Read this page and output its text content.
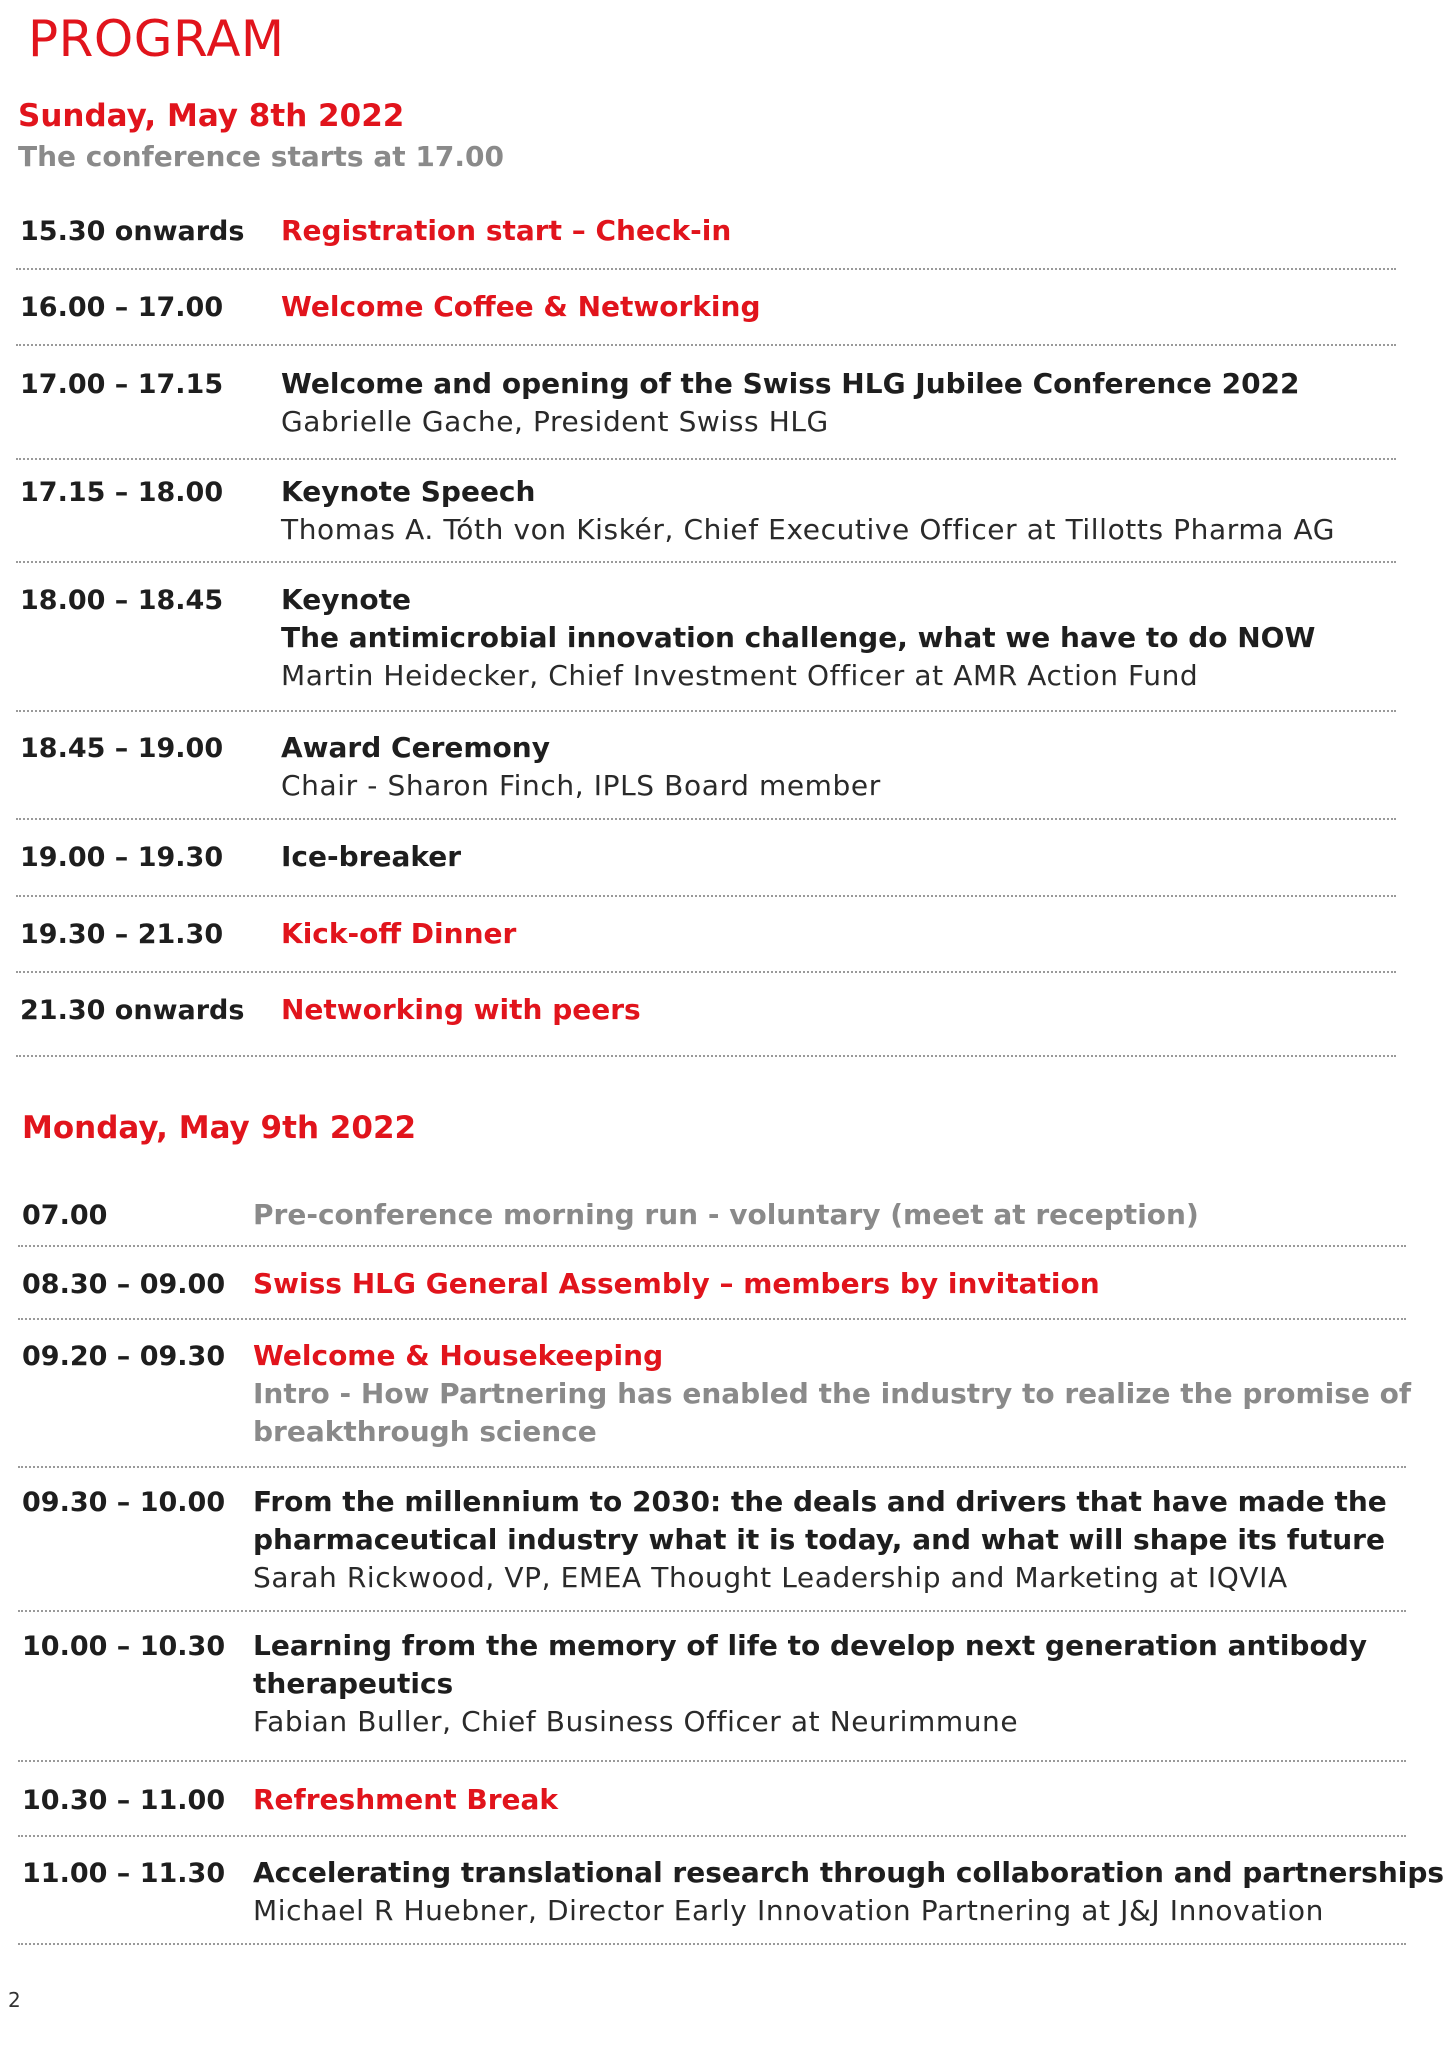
PROGRAM
Sunday, May 8th 2022
The conference starts at 17.00
15.30 onwards Registration start – Check-in
16.00 – 17.00 Welcome Coffee & Networking
17.00 – 17.15 Welcome and opening of the Swiss HLG Jubilee Conference 2022
Gabrielle Gache, President Swiss HLG
17.15 – 18.00 Keynote Speech
Thomas A. Tóth von Kiskér, Chief Executive Officer at Tillotts Pharma AG
18.00 – 18.45 Keynote
The antimicrobial innovation challenge, what we have to do NOW
Martin Heidecker, Chief Investment Officer at AMR Action Fund
18.45 – 19.00 Award Ceremony
Chair - Sharon Finch, IPLS Board member
19.00 – 19.30 Ice-breaker
19.30 – 21.30 Kick-off Dinner
21.30 onwards Networking with peers
Monday, May 9th 2022
07.00	Pre-conference morning run - voluntary (meet at reception)
08.30 – 09.00 Swiss HLG General Assembly – members by invitation
09.20 – 09.30 Welcome & Housekeeping
Intro - How Partnering has enabled the industry to realize the promise of
breakthrough science
09.30 – 10.00 From the millennium to 2030: the deals and drivers that have made the
pharmaceutical industry what it is today, and what will shape its future
Sarah Rickwood, VP, EMEA Thought Leadership and Marketing at IQVIA
10.00 – 10.30 Learning from the memory of life to develop next generation antibody
therapeutics
Fabian Buller, Chief Business Officer at Neurimmune
10.30 – 11.00 Refreshment Break
11.00 – 11.30 Accelerating translational research through collaboration and partnerships
Michael R Huebner, Director Early Innovation Partnering at J&J Innovation
2
